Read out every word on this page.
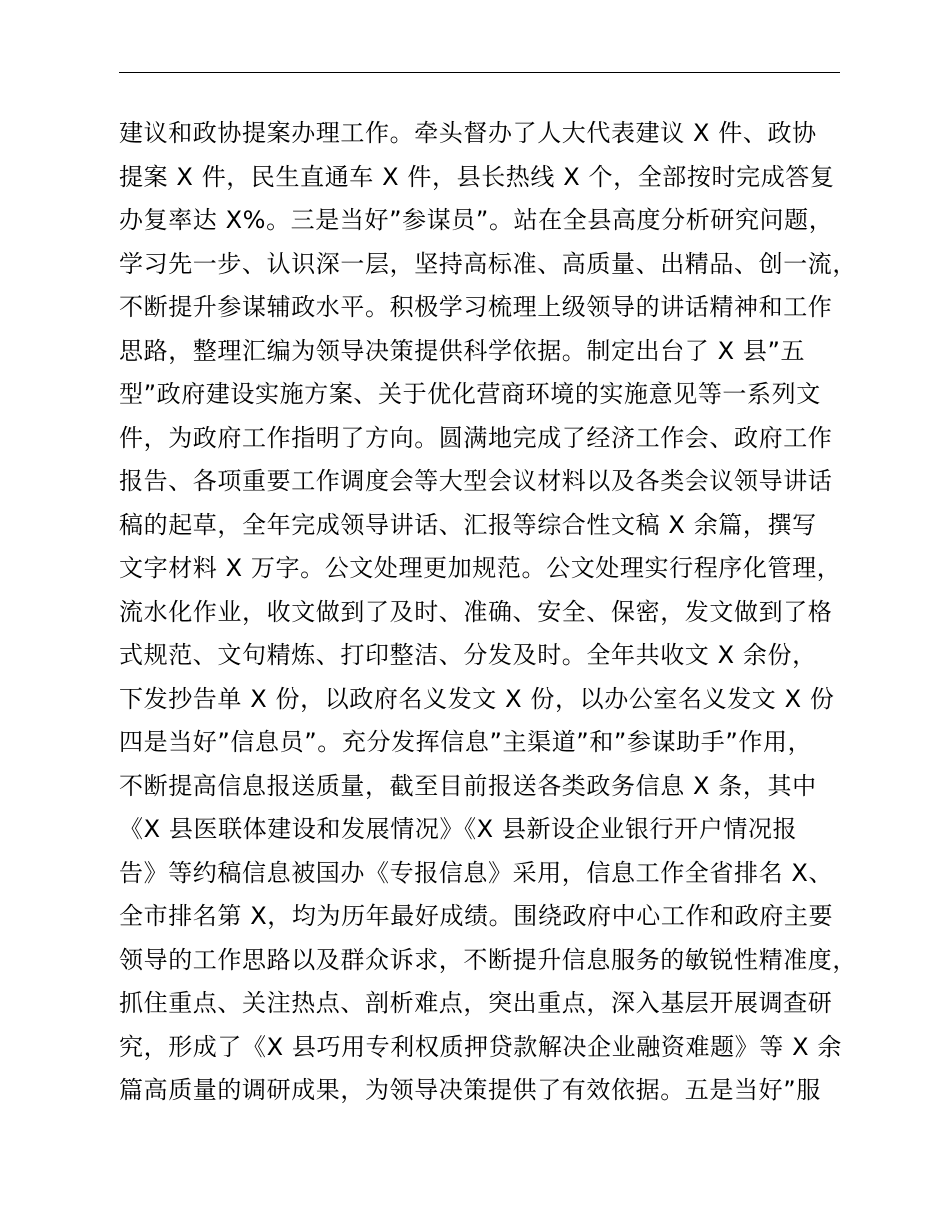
建议和政协提案办理工作。牵头督办了人大代表建议 X 件、政协
提案 X 件，民生直通车 X 件，县长热线 X 个，全部按时完成答复
办复率达 X%。三是当好”参谋员”。站在全县高度分析研究问题，
学习先一步、认识深一层，坚持高标准、高质量、出精品、创一流，
不断提升参谋辅政水平。积极学习梳理上级领导的讲话精神和工作
思路，整理汇编为领导决策提供科学依据。制定出台了 X 县”五
型”政府建设实施方案、关于优化营商环境的实施意见等一系列文
件，为政府工作指明了方向。圆满地完成了经济工作会、政府工作
报告、各项重要工作调度会等大型会议材料以及各类会议领导讲话
稿的起草，全年完成领导讲话、汇报等综合性文稿 X 余篇，撰写
文字材料 X 万字。公文处理更加规范。公文处理实行程序化管理，
流水化作业，收文做到了及时、准确、安全、保密，发文做到了格
式规范、文句精炼、打印整洁、分发及时。全年共收文 X 余份，
下发抄告单 X 份，以政府名义发文 X 份，以办公室名义发文 X 份
四是当好”信息员”。充分发挥信息”主渠道”和”参谋助手”作用，
不断提高信息报送质量，截至目前报送各类政务信息 X 条，其中
《X 县医联体建设和发展情况》《X 县新设企业银行开户情况报
告》等约稿信息被国办《专报信息》采用，信息工作全省排名 X、
全市排名第 X，均为历年最好成绩。围绕政府中心工作和政府主要
领导的工作思路以及群众诉求，不断提升信息服务的敏锐性精准度，
抓住重点、关注热点、剖析难点，突出重点，深入基层开展调查研
究，形成了《X 县巧用专利权质押贷款解决企业融资难题》等 X 余
篇高质量的调研成果，为领导决策提供了有效依据。五是当好”服
